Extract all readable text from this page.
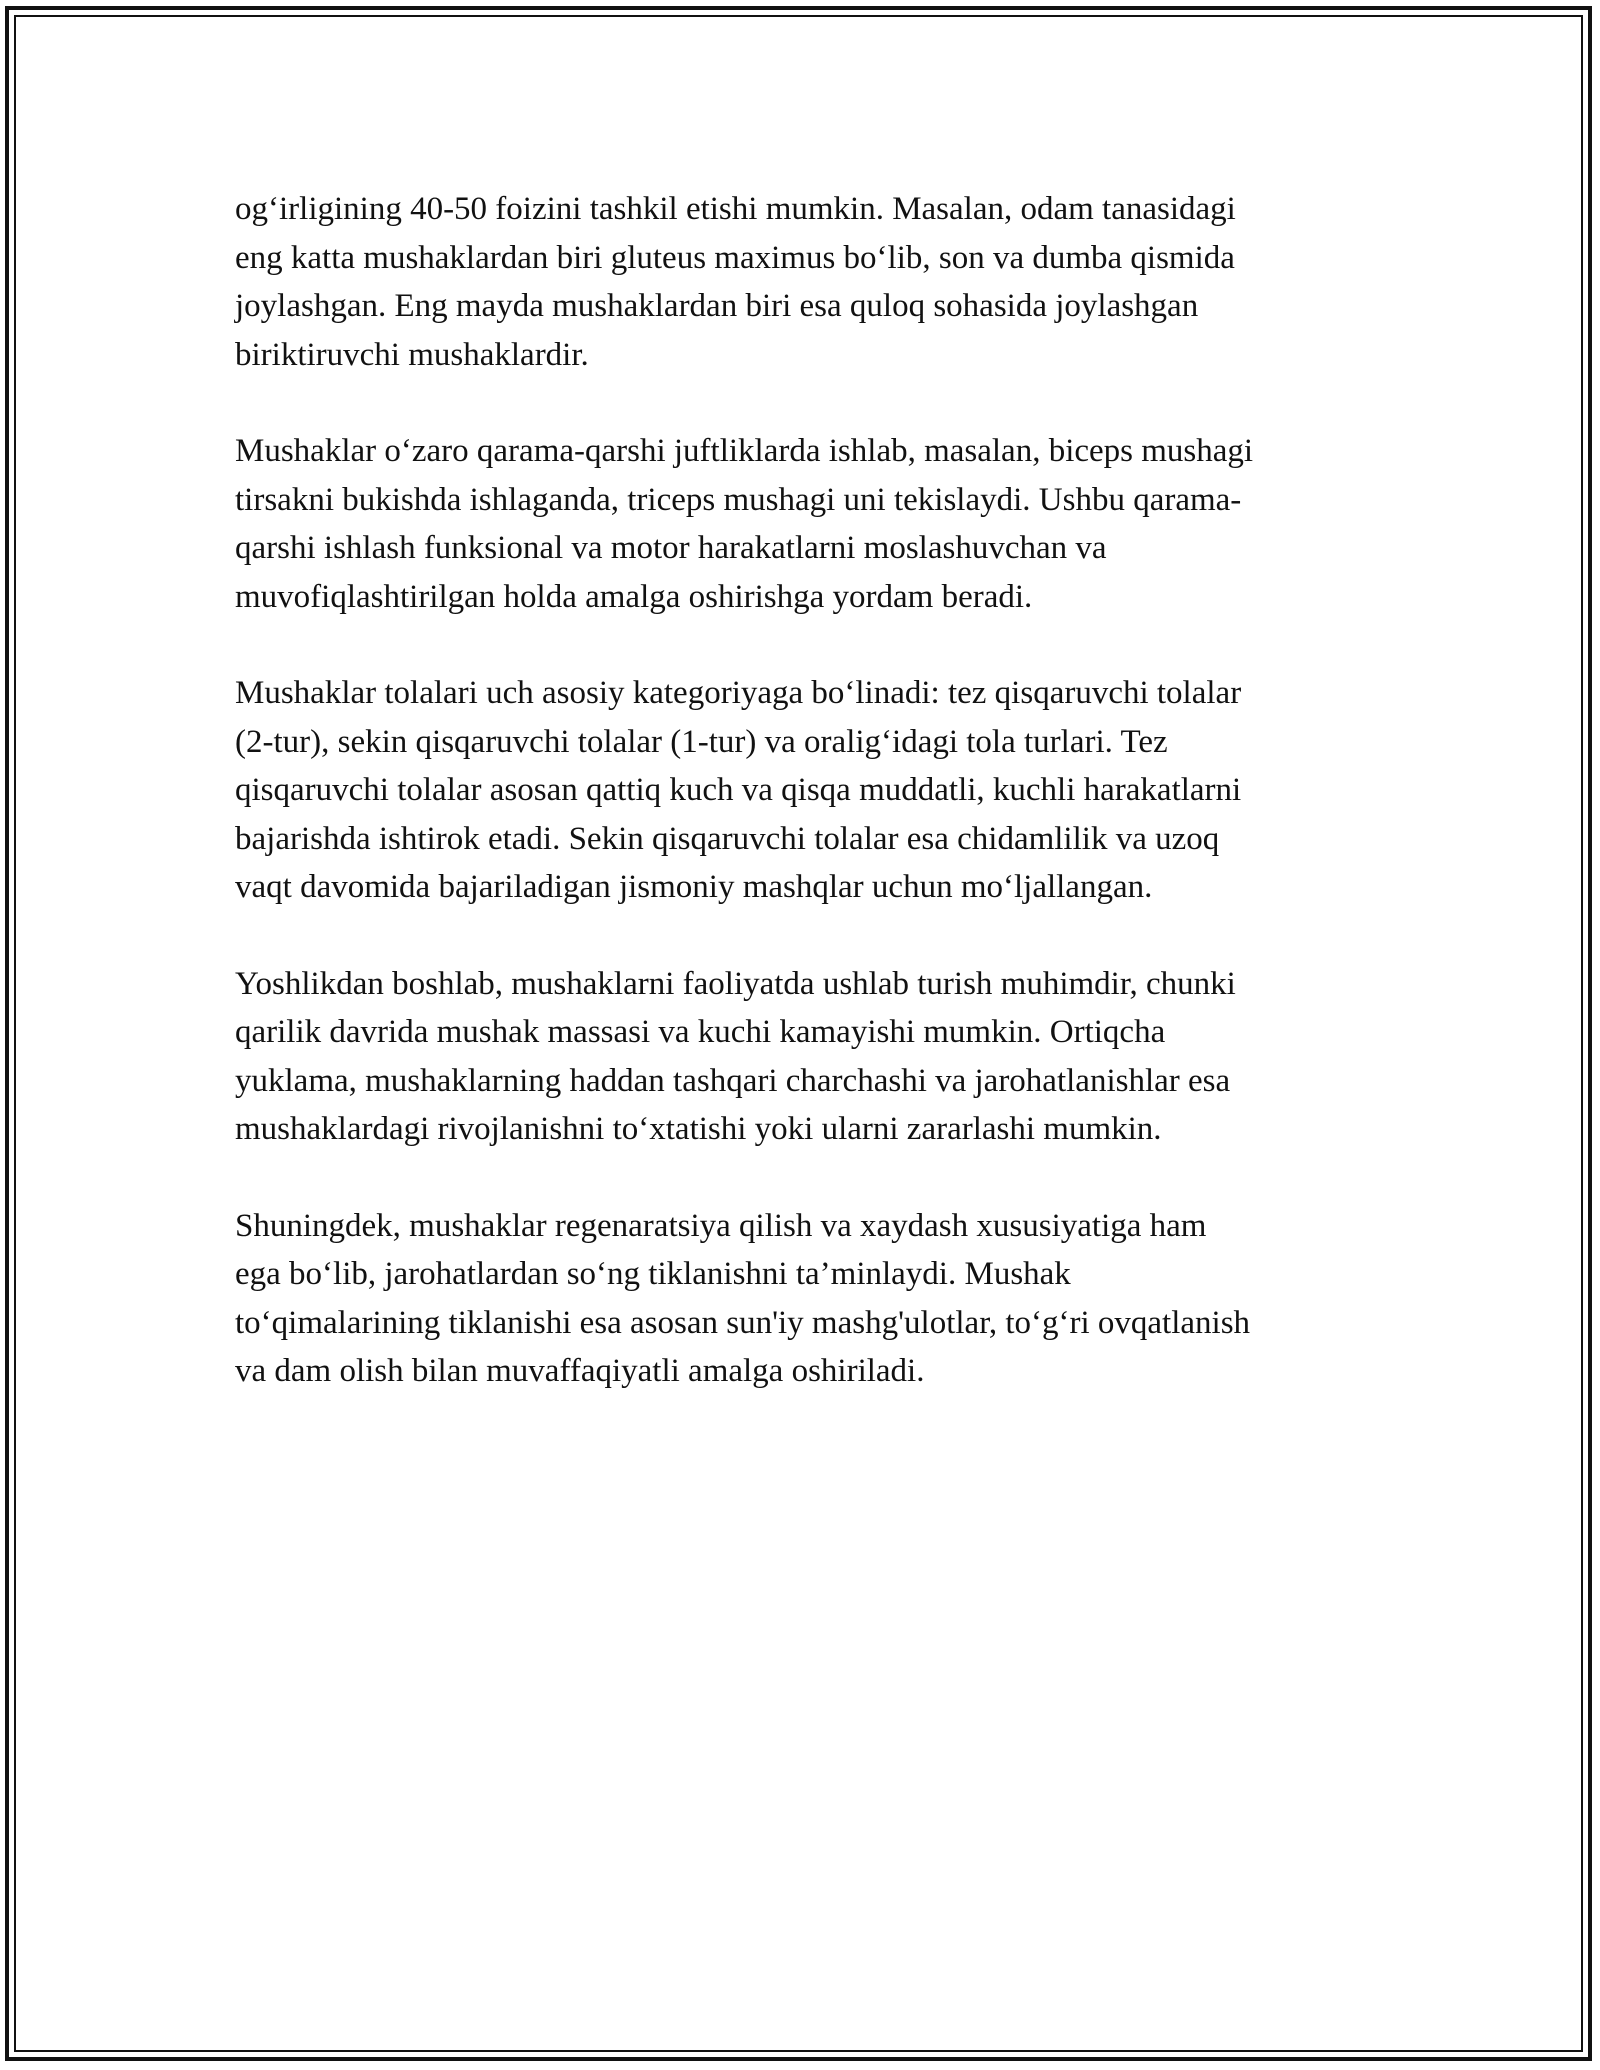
og‘irligining 40-50 foizini tashkil etishi mumkin. Masalan, odam tanasidagi
eng katta mushaklardan biri gluteus maximus bo‘lib, son va dumba qismida
joylashgan. Eng mayda mushaklardan biri esa quloq sohasida joylashgan
biriktiruvchi mushaklardir.

Mushaklar o‘zaro qarama-qarshi juftliklarda ishlab, masalan, biceps mushagi
tirsakni bukishda ishlaganda, triceps mushagi uni tekislaydi. Ushbu qarama-
qarshi ishlash funksional va motor harakatlarni moslashuvchan va
muvofiqlashtirilgan holda amalga oshirishga yordam beradi.

Mushaklar tolalari uch asosiy kategoriyaga bo‘linadi: tez qisqaruvchi tolalar
(2-tur), sekin qisqaruvchi tolalar (1-tur) va oralig‘idagi tola turlari. Tez
qisqaruvchi tolalar asosan qattiq kuch va qisqa muddatli, kuchli harakatlarni
bajarishda ishtirok etadi. Sekin qisqaruvchi tolalar esa chidamlilik va uzoq
vaqt davomida bajariladigan jismoniy mashqlar uchun mo‘ljallangan.

Yoshlikdan boshlab, mushaklarni faoliyatda ushlab turish muhimdir, chunki
qarilik davrida mushak massasi va kuchi kamayishi mumkin. Ortiqcha
yuklama, mushaklarning haddan tashqari charchashi va jarohatlanishlar esa
mushaklardagi rivojlanishni to‘xtatishi yoki ularni zararlashi mumkin.

Shuningdek, mushaklar regenaratsiya qilish va xaydash xususiyatiga ham
ega bo‘lib, jarohatlardan so‘ng tiklanishni ta’minlaydi. Mushak
to‘qimalarining tiklanishi esa asosan sun'iy mashg'ulotlar, to‘g‘ri ovqatlanish
va dam olish bilan muvaffaqiyatli amalga oshiriladi.
